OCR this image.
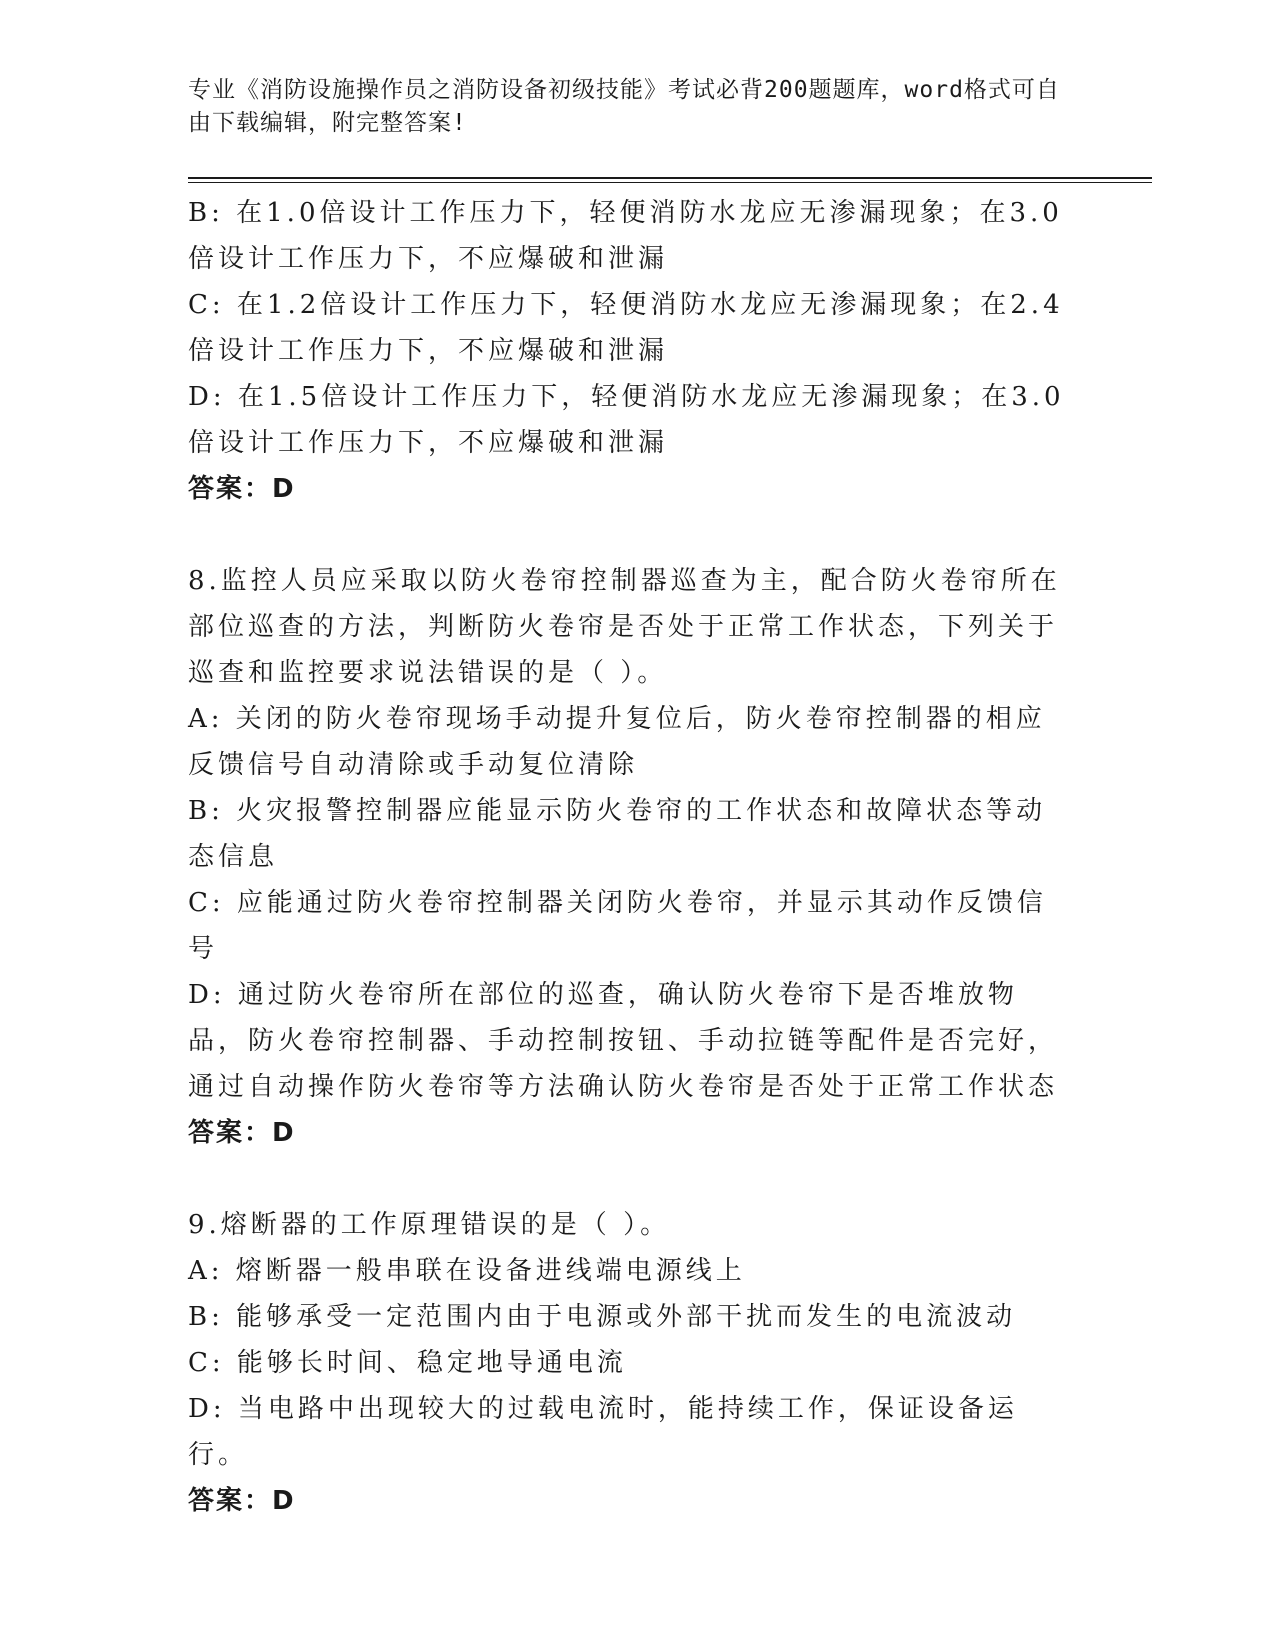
专业《消防设施操作员之消防设备初级技能》考试必背200题题库，word格式可自由下载编辑，附完整答案!

B: 在1.0倍设计工作压力下，轻便消防水龙应无渗漏现象；在3.0倍设计工作压力下，不应爆破和泄漏

C: 在1.2倍设计工作压力下，轻便消防水龙应无渗漏现象；在2.4倍设计工作压力下，不应爆破和泄漏

D: 在1.5倍设计工作压力下，轻便消防水龙应无渗漏现象；在3.0倍设计工作压力下，不应爆破和泄漏

答案：D

8.监控人员应采取以防火卷帘控制器巡查为主，配合防火卷帘所在部位巡查的方法，判断防火卷帘是否处于正常工作状态，下列关于巡查和监控要求说法错误的是（ ）。

A: 关闭的防火卷帘现场手动提升复位后，防火卷帘控制器的相应反馈信号自动清除或手动复位清除

B: 火灾报警控制器应能显示防火卷帘的工作状态和故障状态等动态信息

C: 应能通过防火卷帘控制器关闭防火卷帘，并显示其动作反馈信号

D: 通过防火卷帘所在部位的巡查，确认防火卷帘下是否堆放物品，防火卷帘控制器、手动控制按钮、手动拉链等配件是否完好，通过自动操作防火卷帘等方法确认防火卷帘是否处于正常工作状态

答案：D

9.熔断器的工作原理错误的是（ ）。

A: 熔断器一般串联在设备进线端电源线上

B: 能够承受一定范围内由于电源或外部干扰而发生的电流波动

C: 能够长时间、稳定地导通电流

D: 当电路中出现较大的过载电流时，能持续工作，保证设备运行。

答案：D
